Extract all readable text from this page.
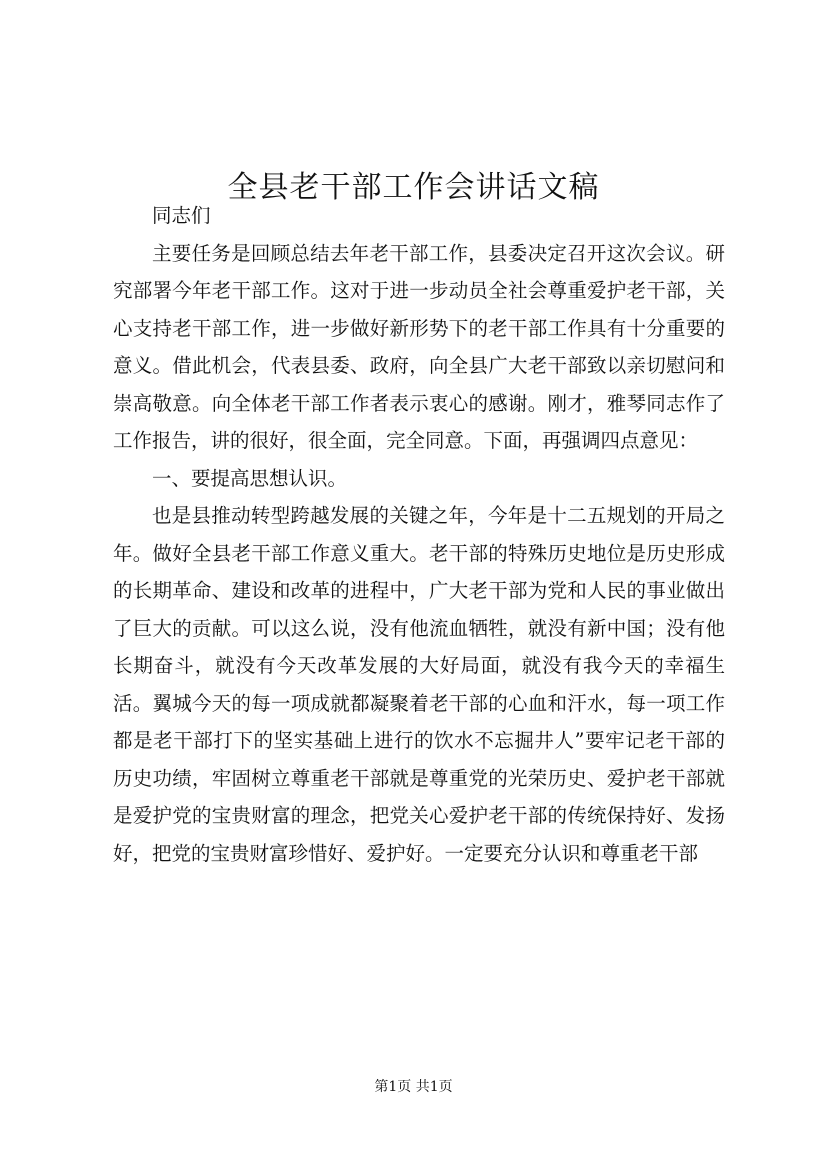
全县老干部工作会讲话文稿

同志们

主要任务是回顾总结去年老干部工作，县委决定召开这次会议。研究部署今年老干部工作。这对于进一步动员全社会尊重爱护老干部，关心支持老干部工作，进一步做好新形势下的老干部工作具有十分重要的意义。借此机会，代表县委、政府，向全县广大老干部致以亲切慰问和崇高敬意。向全体老干部工作者表示衷心的感谢。刚才，雅琴同志作了工作报告，讲的很好，很全面，完全同意。下面，再强调四点意见：

一、要提高思想认识。

也是县推动转型跨越发展的关键之年，今年是十二五规划的开局之年。做好全县老干部工作意义重大。老干部的特殊历史地位是历史形成的长期革命、建设和改革的进程中，广大老干部为党和人民的事业做出了巨大的贡献。可以这么说，没有他流血牺牲，就没有新中国；没有他长期奋斗，就没有今天改革发展的大好局面，就没有我今天的幸福生活。翼城今天的每一项成就都凝聚着老干部的心血和汗水，每一项工作都是老干部打下的坚实基础上进行的饮水不忘掘井人”要牢记老干部的历史功绩，牢固树立尊重老干部就是尊重党的光荣历史、爱护老干部就是爱护党的宝贵财富的理念，把党关心爱护老干部的传统保持好、发扬好，把党的宝贵财富珍惜好、爱护好。一定要充分认识和尊重老干部

第1页 共1页
